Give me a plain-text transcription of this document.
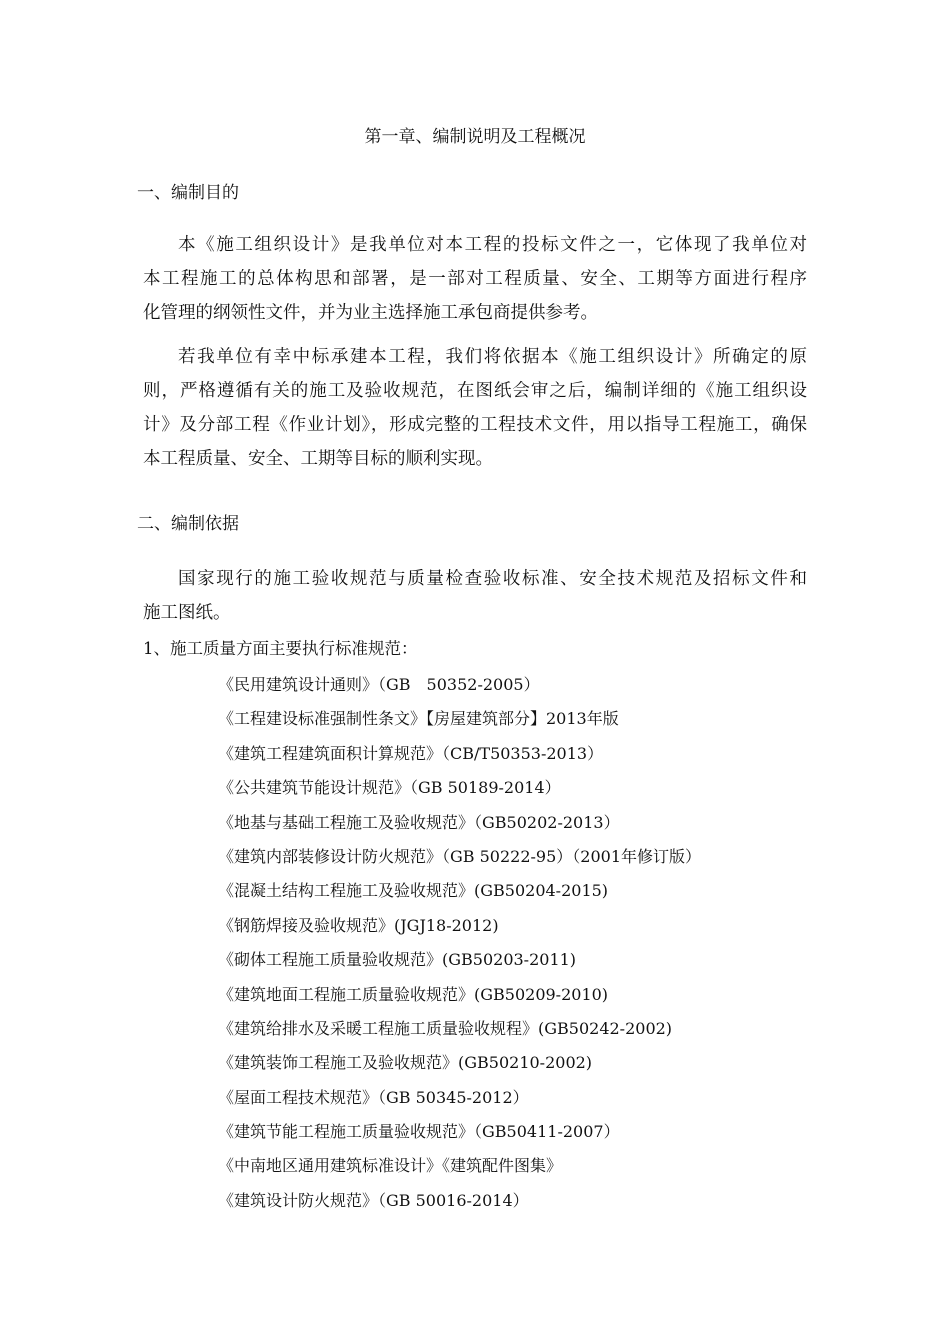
第一章、编制说明及工程概况
一、编制目的
本《施工组织设计》是我单位对本工程的投标文件之一，它体现了我单位对
本工程施工的总体构思和部署，是一部对工程质量、安全、工期等方面进行程序
化管理的纲领性文件，并为业主选择施工承包商提供参考。
若我单位有幸中标承建本工程，我们将依据本《施工组织设计》所确定的原
则，严格遵循有关的施工及验收规范，在图纸会审之后，编制详细的《施工组织设
计》及分部工程《作业计划》，形成完整的工程技术文件，用以指导工程施工，确保
本工程质量、安全、工期等目标的顺利实现。
二、编制依据
国家现行的施工验收规范与质量检查验收标准、安全技术规范及招标文件和
施工图纸。
1、施工质量方面主要执行标准规范：
《民用建筑设计通则》（GB　50352-2005）
《工程建设标准强制性条文》【房屋建筑部分】2013年版
《建筑工程建筑面积计算规范》（CB/T50353-2013）
《公共建筑节能设计规范》（GB 50189-2014）
《地基与基础工程施工及验收规范》（GB50202-2013）
《建筑内部装修设计防火规范》（GB 50222-95）（2001年修订版）
《混凝土结构工程施工及验收规范》(GB50204-2015)
《钢筋焊接及验收规范》(JGJ18-2012)
《砌体工程施工质量验收规范》(GB50203-2011)
《建筑地面工程施工质量验收规范》(GB50209-2010)
《建筑给排水及采暖工程施工质量验收规程》(GB50242-2002)
《建筑装饰工程施工及验收规范》(GB50210-2002)
《屋面工程技术规范》（GB 50345-2012）
《建筑节能工程施工质量验收规范》（GB50411-2007）
《中南地区通用建筑标准设计》《建筑配件图集》
《建筑设计防火规范》（GB 50016-2014）
